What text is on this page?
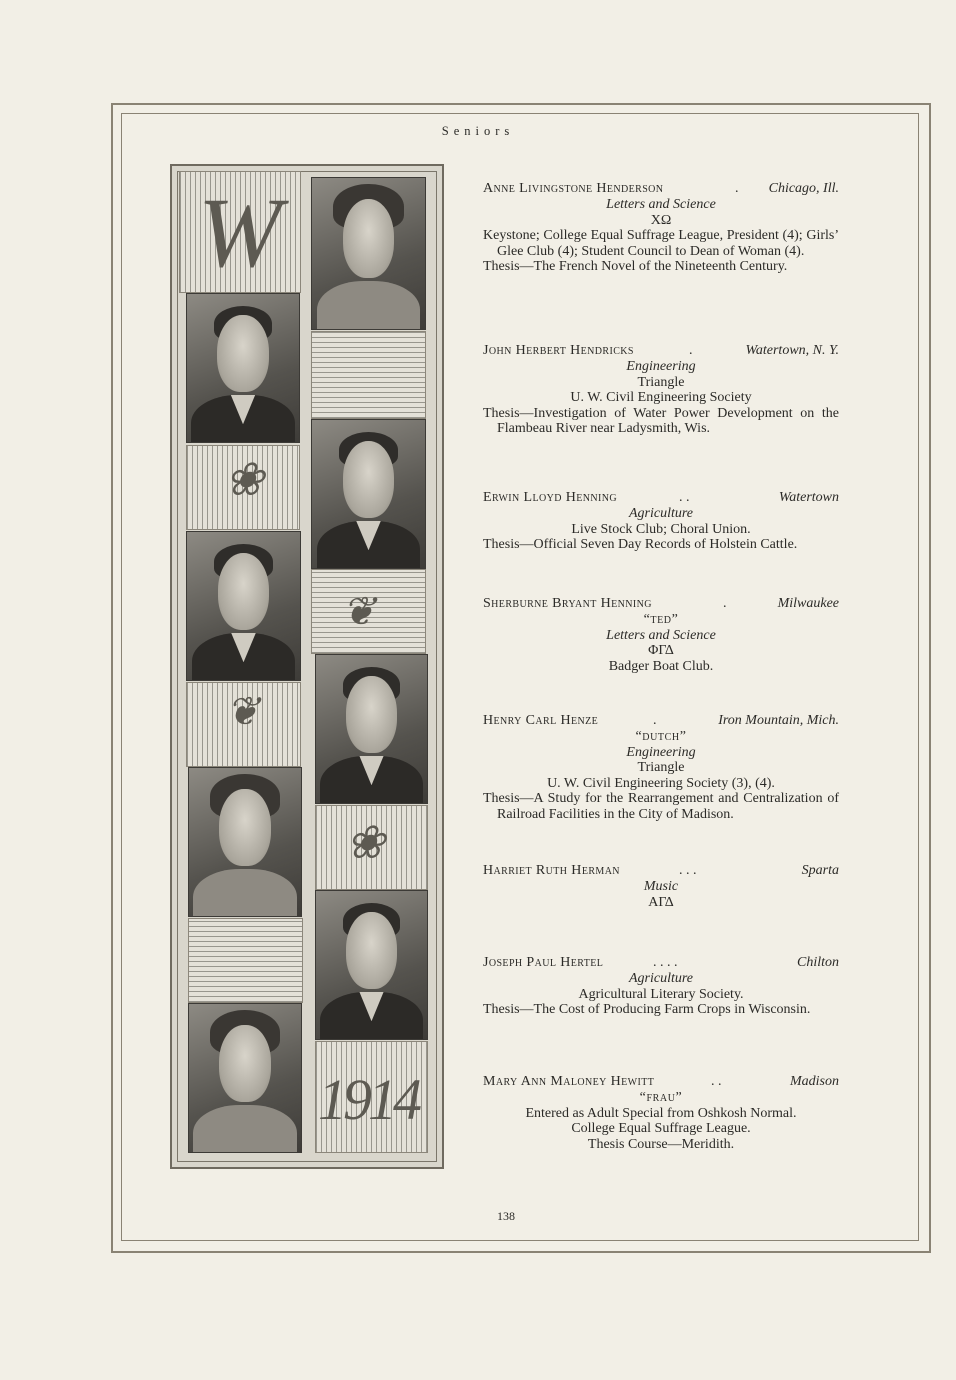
Seniors
W
❀
❦
❦
❀
1914
Anne Livingstone Henderson	. Chicago, Ill.
Letters and Science
XΩ
Keystone; College Equal Suffrage League, President (4); Girls’ Glee Club (4); Student Council to Dean of Woman (4).
Thesis—The French Novel of the Nineteenth Century.
John Herbert Hendricks	.	Watertown, N. Y.
Engineering
Triangle
U. W. Civil Engineering Society
Thesis—Investigation of Water Power Development on the Flambeau River near Ladysmith, Wis.
Erwin Lloyd Henning	. .	Watertown
Agriculture
Live Stock Club; Choral Union.
Thesis—Official Seven Day Records of Holstein Cattle.
Sherburne Bryant Henning	.	Milwaukee
“ted”
Letters and Science
ΦΓΔ
Badger Boat Club.
Henry Carl Henze	.	Iron Mountain, Mich.
“dutch”
Engineering
Triangle
U. W. Civil Engineering Society (3), (4).
Thesis—A Study for the Rearrangement and Centralization of Railroad Facilities in the City of Madison.
Harriet Ruth Herman	. . .	Sparta
Music
ΑΓΔ
Joseph Paul Hertel	. . . .	Chilton
Agriculture
Agricultural Literary Society.
Thesis—The Cost of Producing Farm Crops in Wisconsin.
Mary Ann Maloney Hewitt	. .	Madison
“frau”
Entered as Adult Special from Oshkosh Normal.
College Equal Suffrage League.
Thesis Course—Meridith.
138
